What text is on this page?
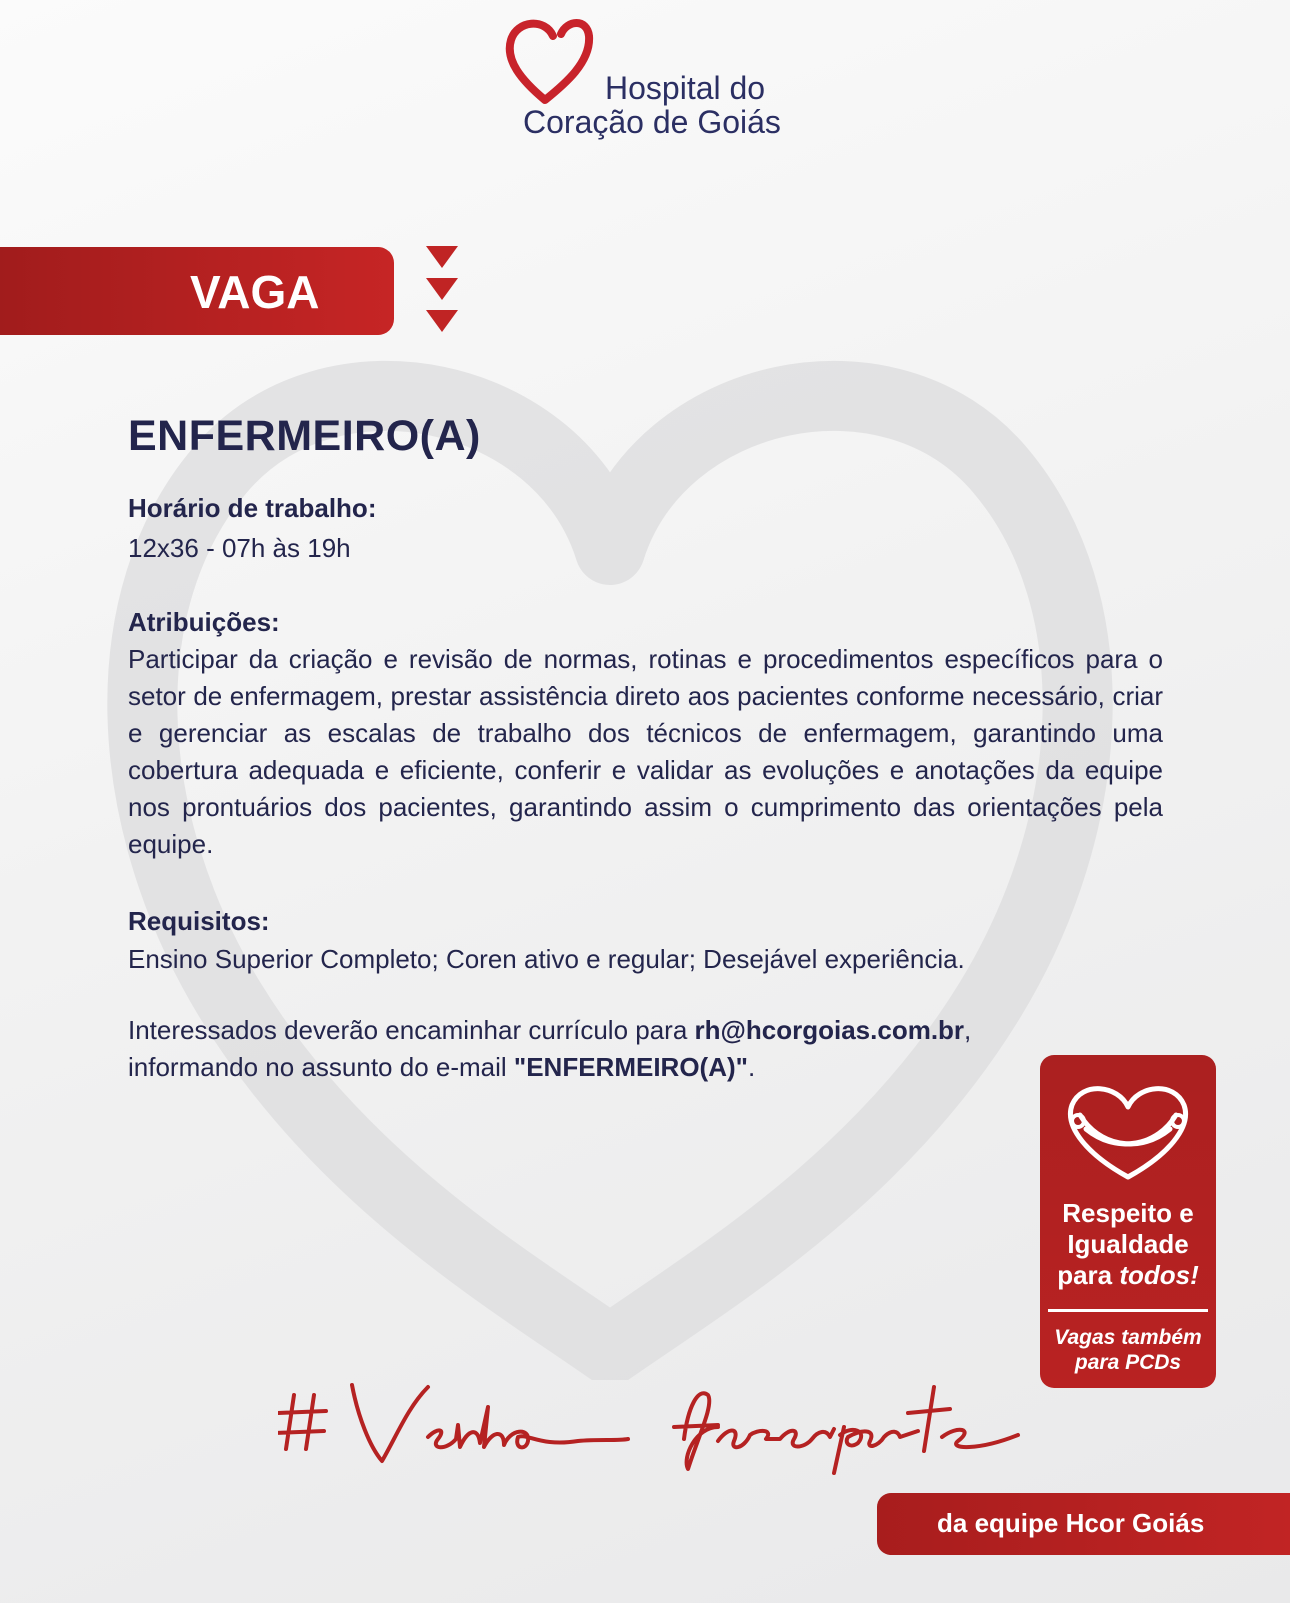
Hospital do
Coração de Goiás
VAGA
ENFERMEIRO(A)
Horário de trabalho:
12x36 - 07h às 19h
Atribuições:
Participar da criação e revisão de normas, rotinas e procedimentos específicos para o setor de enfermagem, prestar assistência direto aos pacientes conforme necessário, criar e gerenciar as escalas de trabalho dos técnicos de enfermagem, garantindo uma cobertura adequada e eficiente, conferir e validar as evoluções e anotações da equipe nos prontuários dos pacientes, garantindo assim o cumprimento das orientações pela equipe.
Requisitos:
Ensino Superior Completo; Coren ativo e regular; Desejável experiência.
Interessados deverão encaminhar currículo para rh@hcorgoias.com.br,
informando no assunto do e-mail "ENFERMEIRO(A)".
Respeito e
Igualdade
para todos!
Vagas também
para PCDs
da equipe Hcor Goiás
